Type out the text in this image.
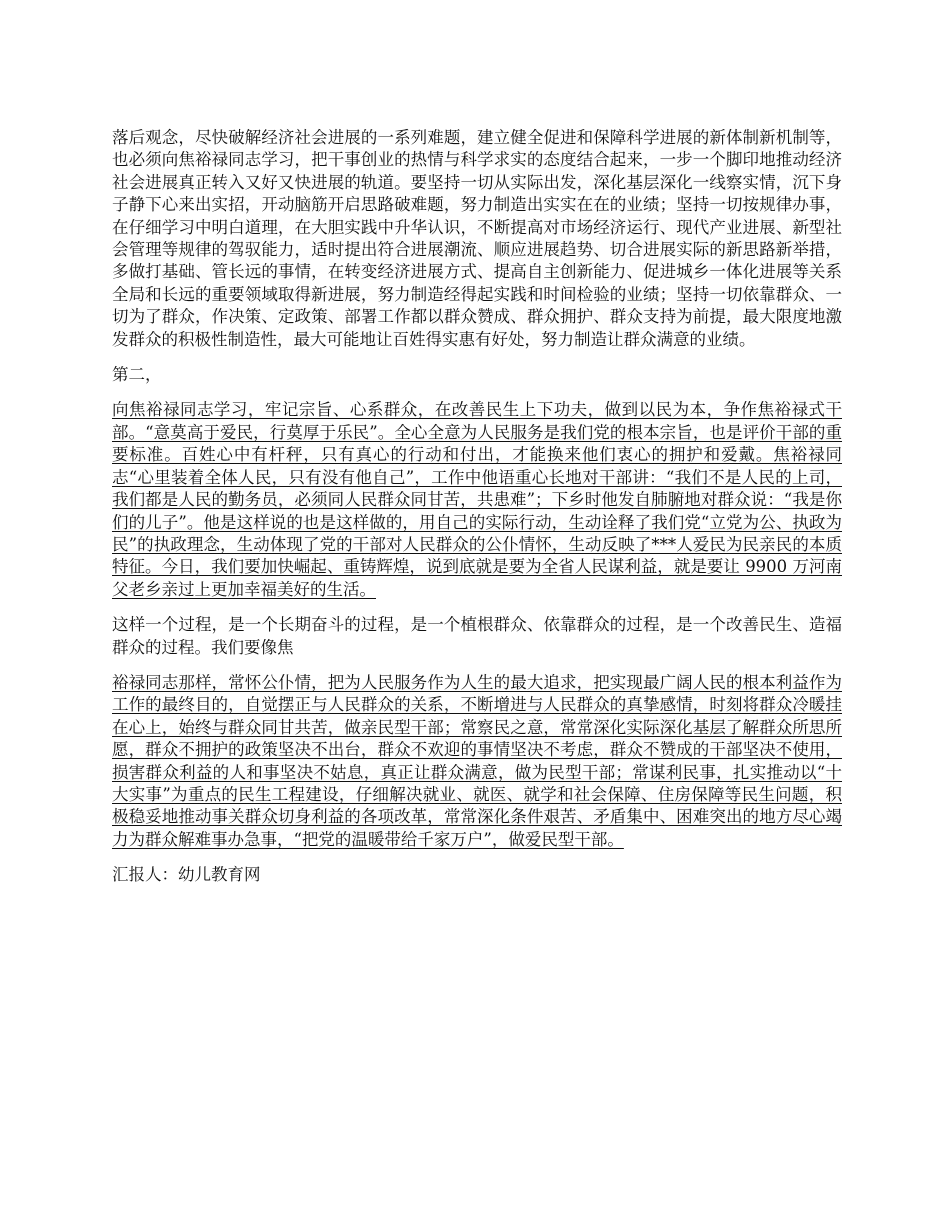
落后观念，尽快破解经济社会进展的一系列难题，建立健全促进和保障科学进展的新体制新机制等，也必须向焦裕禄同志学习，把干事创业的热情与科学求实的态度结合起来，一步一个脚印地推动经济社会进展真正转入又好又快进展的轨道。要坚持一切从实际出发，深化基层深化一线察实情，沉下身子静下心来出实招，开动脑筋开启思路破难题，努力制造出实实在在的业绩；坚持一切按规律办事，在仔细学习中明白道理，在大胆实践中升华认识，不断提高对市场经济运行、现代产业进展、新型社会管理等规律的驾驭能力，适时提出符合进展潮流、顺应进展趋势、切合进展实际的新思路新举措，多做打基础、管长远的事情，在转变经济进展方式、提高自主创新能力、促进城乡一体化进展等关系全局和长远的重要领域取得新进展，努力制造经得起实践和时间检验的业绩；坚持一切依靠群众、一切为了群众，作决策、定政策、部署工作都以群众赞成、群众拥护、群众支持为前提，最大限度地激发群众的积极性制造性，最大可能地让百姓得实惠有好处，努力制造让群众满意的业绩。

第二，

向焦裕禄同志学习，牢记宗旨、心系群众，在改善民生上下功夫，做到以民为本，争作焦裕禄式干部。“意莫高于爱民，行莫厚于乐民”。全心全意为人民服务是我们党的根本宗旨，也是评价干部的重要标准。百姓心中有杆秤，只有真心的行动和付出，才能换来他们衷心的拥护和爱戴。焦裕禄同志“心里装着全体人民，只有没有他自己”，工作中他语重心长地对干部讲：“我们不是人民的上司，我们都是人民的勤务员，必须同人民群众同甘苦，共患难”；下乡时他发自肺腑地对群众说：“我是你们的儿子”。他是这样说的也是这样做的，用自己的实际行动，生动诠释了我们党“立党为公、执政为民”的执政理念，生动体现了党的干部对人民群众的公仆情怀，生动反映了***人爱民为民亲民的本质特征。今日，我们要加快崛起、重铸辉煌，说到底就是要为全省人民谋利益，就是要让 9900 万河南父老乡亲过上更加幸福美好的生活。

这样一个过程，是一个长期奋斗的过程，是一个植根群众、依靠群众的过程，是一个改善民生、造福群众的过程。我们要像焦

裕禄同志那样，常怀公仆情，把为人民服务作为人生的最大追求，把实现最广阔人民的根本利益作为工作的最终目的，自觉摆正与人民群众的关系，不断增进与人民群众的真挚感情，时刻将群众冷暖挂在心上，始终与群众同甘共苦，做亲民型干部；常察民之意，常常深化实际深化基层了解群众所思所愿，群众不拥护的政策坚决不出台，群众不欢迎的事情坚决不考虑，群众不赞成的干部坚决不使用，损害群众利益的人和事坚决不姑息，真正让群众满意，做为民型干部；常谋利民事，扎实推动以“十大实事”为重点的民生工程建设，仔细解决就业、就医、就学和社会保障、住房保障等民生问题，积极稳妥地推动事关群众切身利益的各项改革，常常深化条件艰苦、矛盾集中、困难突出的地方尽心竭力为群众解难事办急事，“把党的温暖带给千家万户”，做爱民型干部。

汇报人：幼儿教育网
